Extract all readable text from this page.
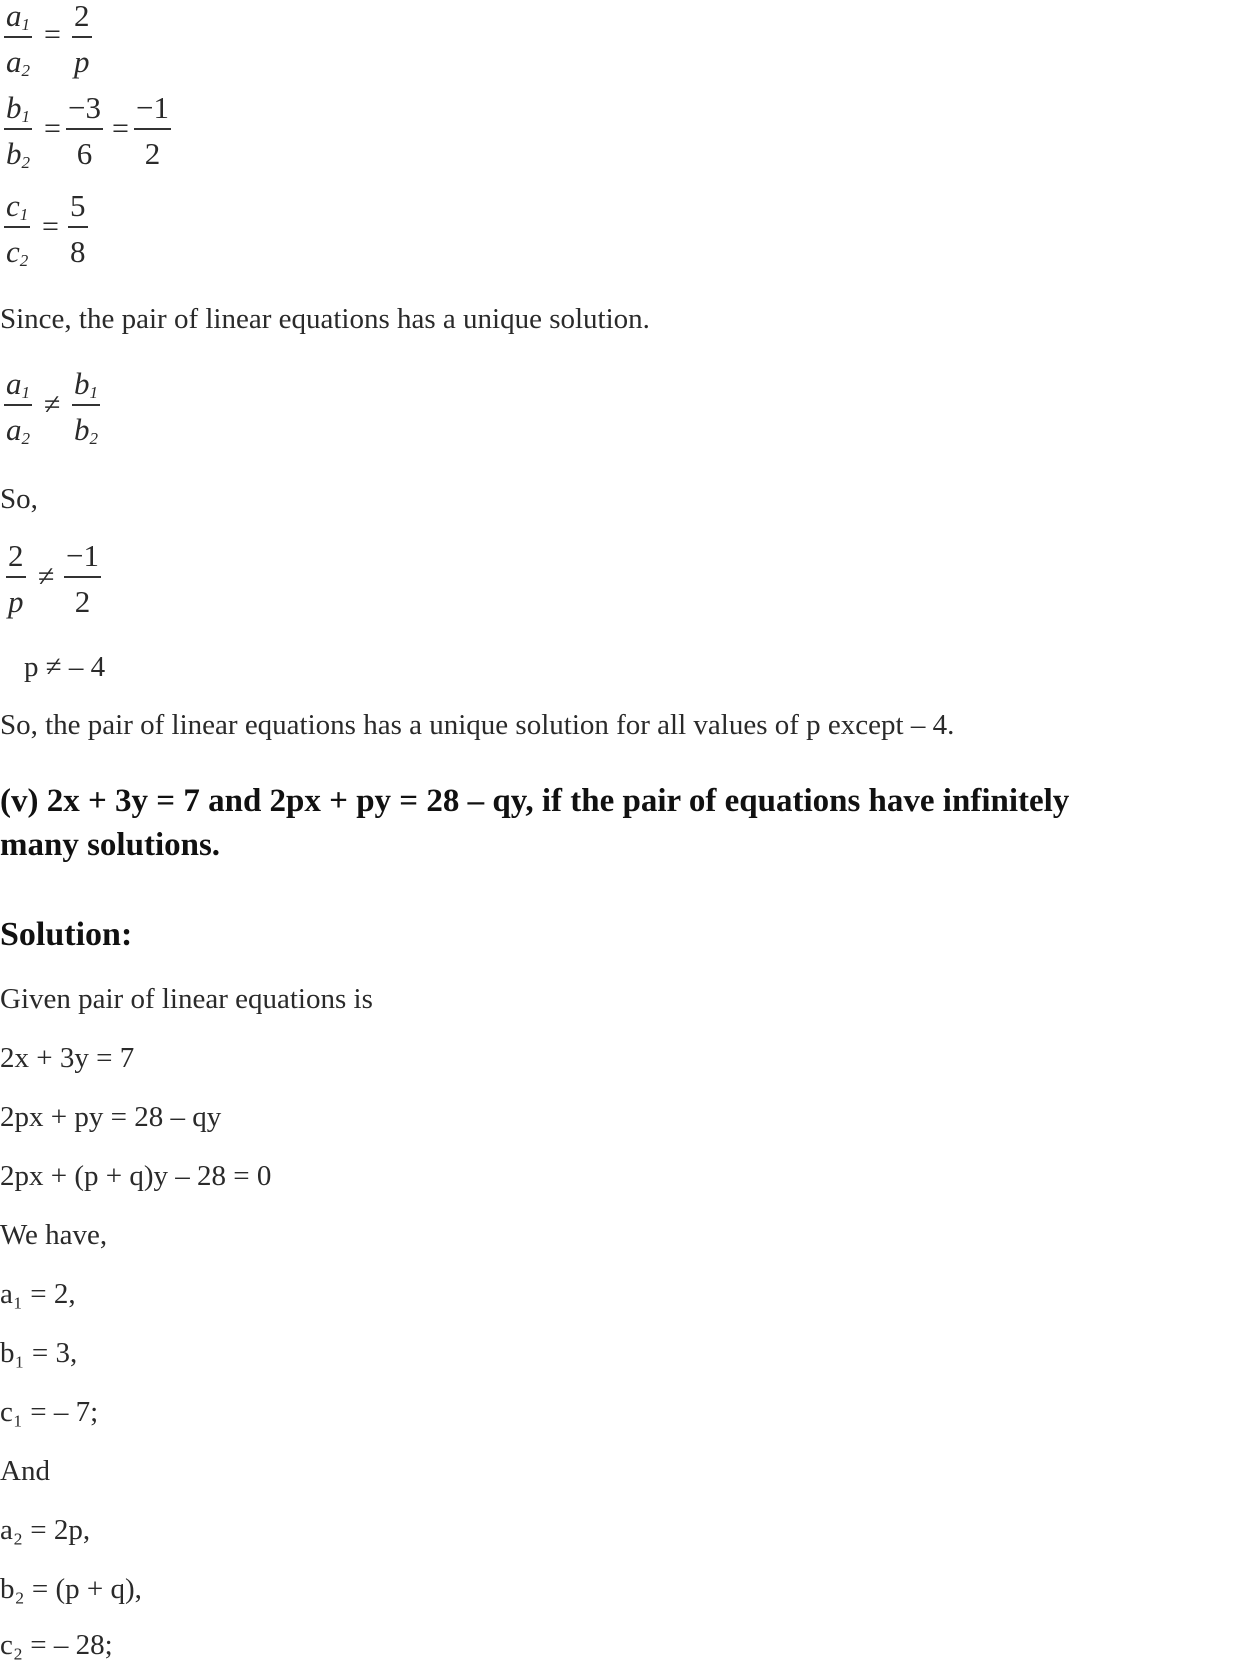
$\frac{a_1}{a_2} = \frac{2}{p}$
$\frac{b_1}{b_2} = \frac{-3}{6} = \frac{-1}{2}$
$\frac{c_1}{c_2} = \frac{5}{8}$
Since, the pair of linear equations has a unique solution.
$\frac{a_1}{a_2} \ne \frac{b_1}{b_2}$
So,
$\frac{2}{p} \ne \frac{-1}{2}$
p ≠ – 4
So, the pair of linear equations has a unique solution for all values of p except – 4.
(v) 2x + 3y = 7 and 2px + py = 28 – qy, if the pair of equations have infinitely
many solutions.
Solution:
Given pair of linear equations is
2x + 3y = 7
2px + py = 28 – qy
2px + (p + q)y – 28 = 0
We have,
a₁ = 2,
b₁ = 3,
c₁ = – 7;
And
a₂ = 2p,
b₂ = (p + q),
c₂ = – 28;
